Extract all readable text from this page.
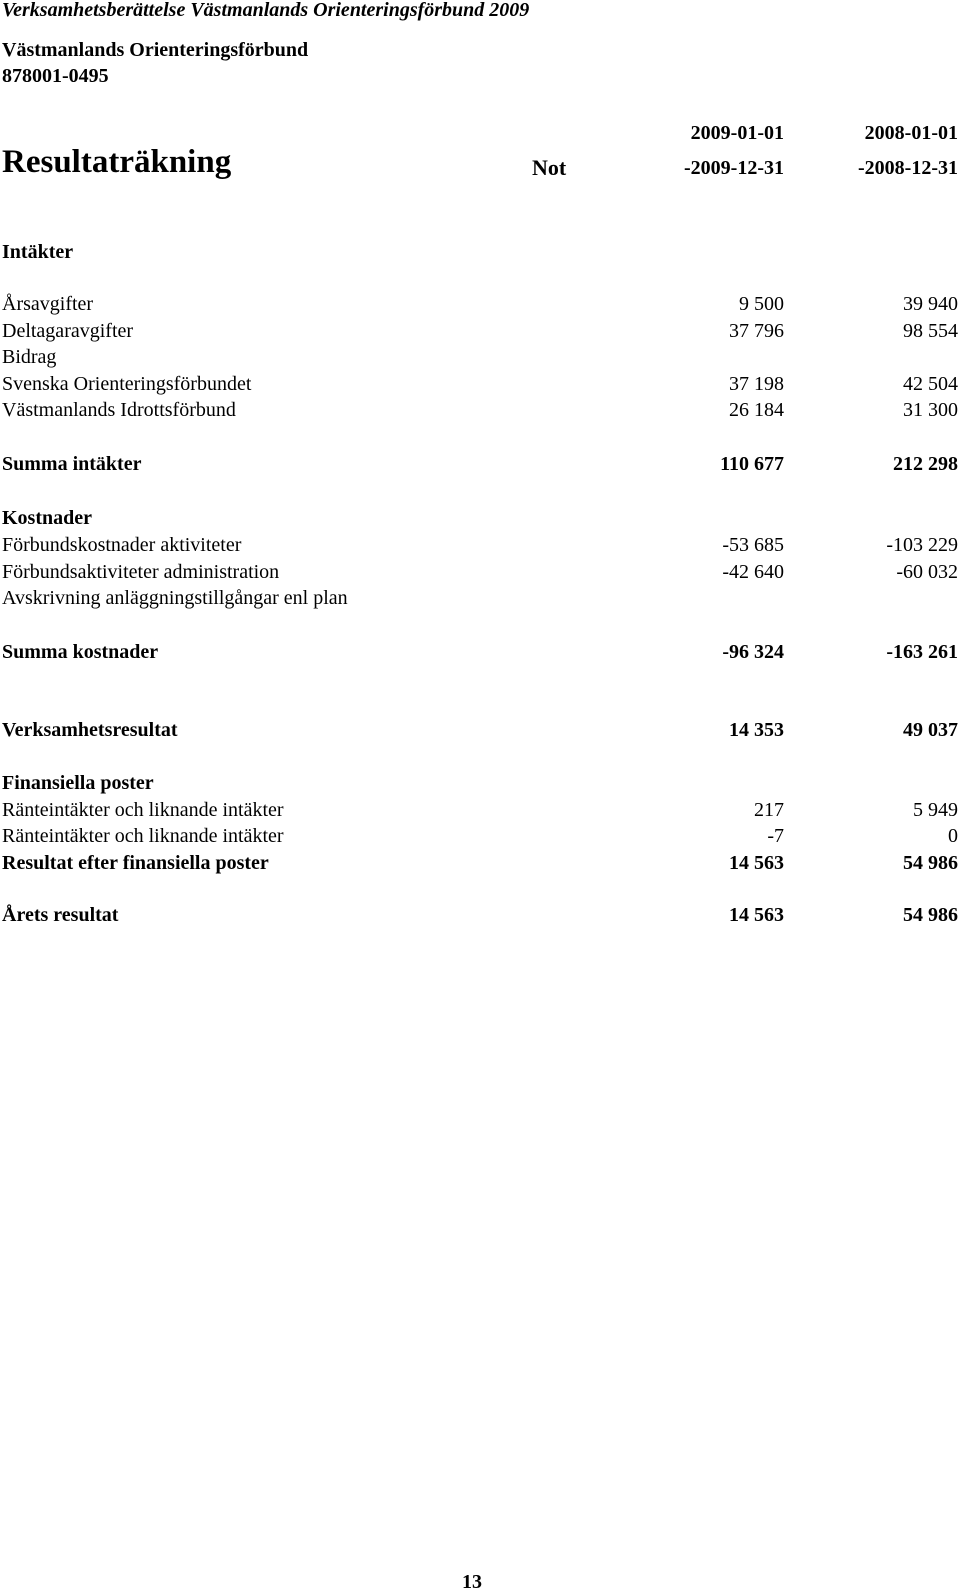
Verksamhetsberättelse Västmanlands Orienteringsförbund 2009
Västmanlands Orienteringsförbund
878001-0495
2009-01-01	2008-01-01
Resultaträkning	Not	-2009-12-31	-2008-12-31
Intäkter
Årsavgifter	9 500	39 940
Deltagaravgifter	37 796	98 554
Bidrag
Svenska Orienteringsförbundet	37 198	42 504
Västmanlands Idrottsförbund	26 184	31 300
Summa intäkter	110 677	212 298
Kostnader
Förbundskostnader aktiviteter	-53 685	-103 229
Förbundsaktiviteter administration	-42 640	-60 032
Avskrivning anläggningstillgångar enl plan
Summa kostnader	-96 324	-163 261
Verksamhetsresultat	14 353	49 037
Finansiella poster
Ränteintäkter och liknande intäkter	217	5 949
Ränteintäkter och liknande intäkter	-7	0
Resultat efter finansiella poster	14 563	54 986
Årets resultat	14 563	54 986
13
